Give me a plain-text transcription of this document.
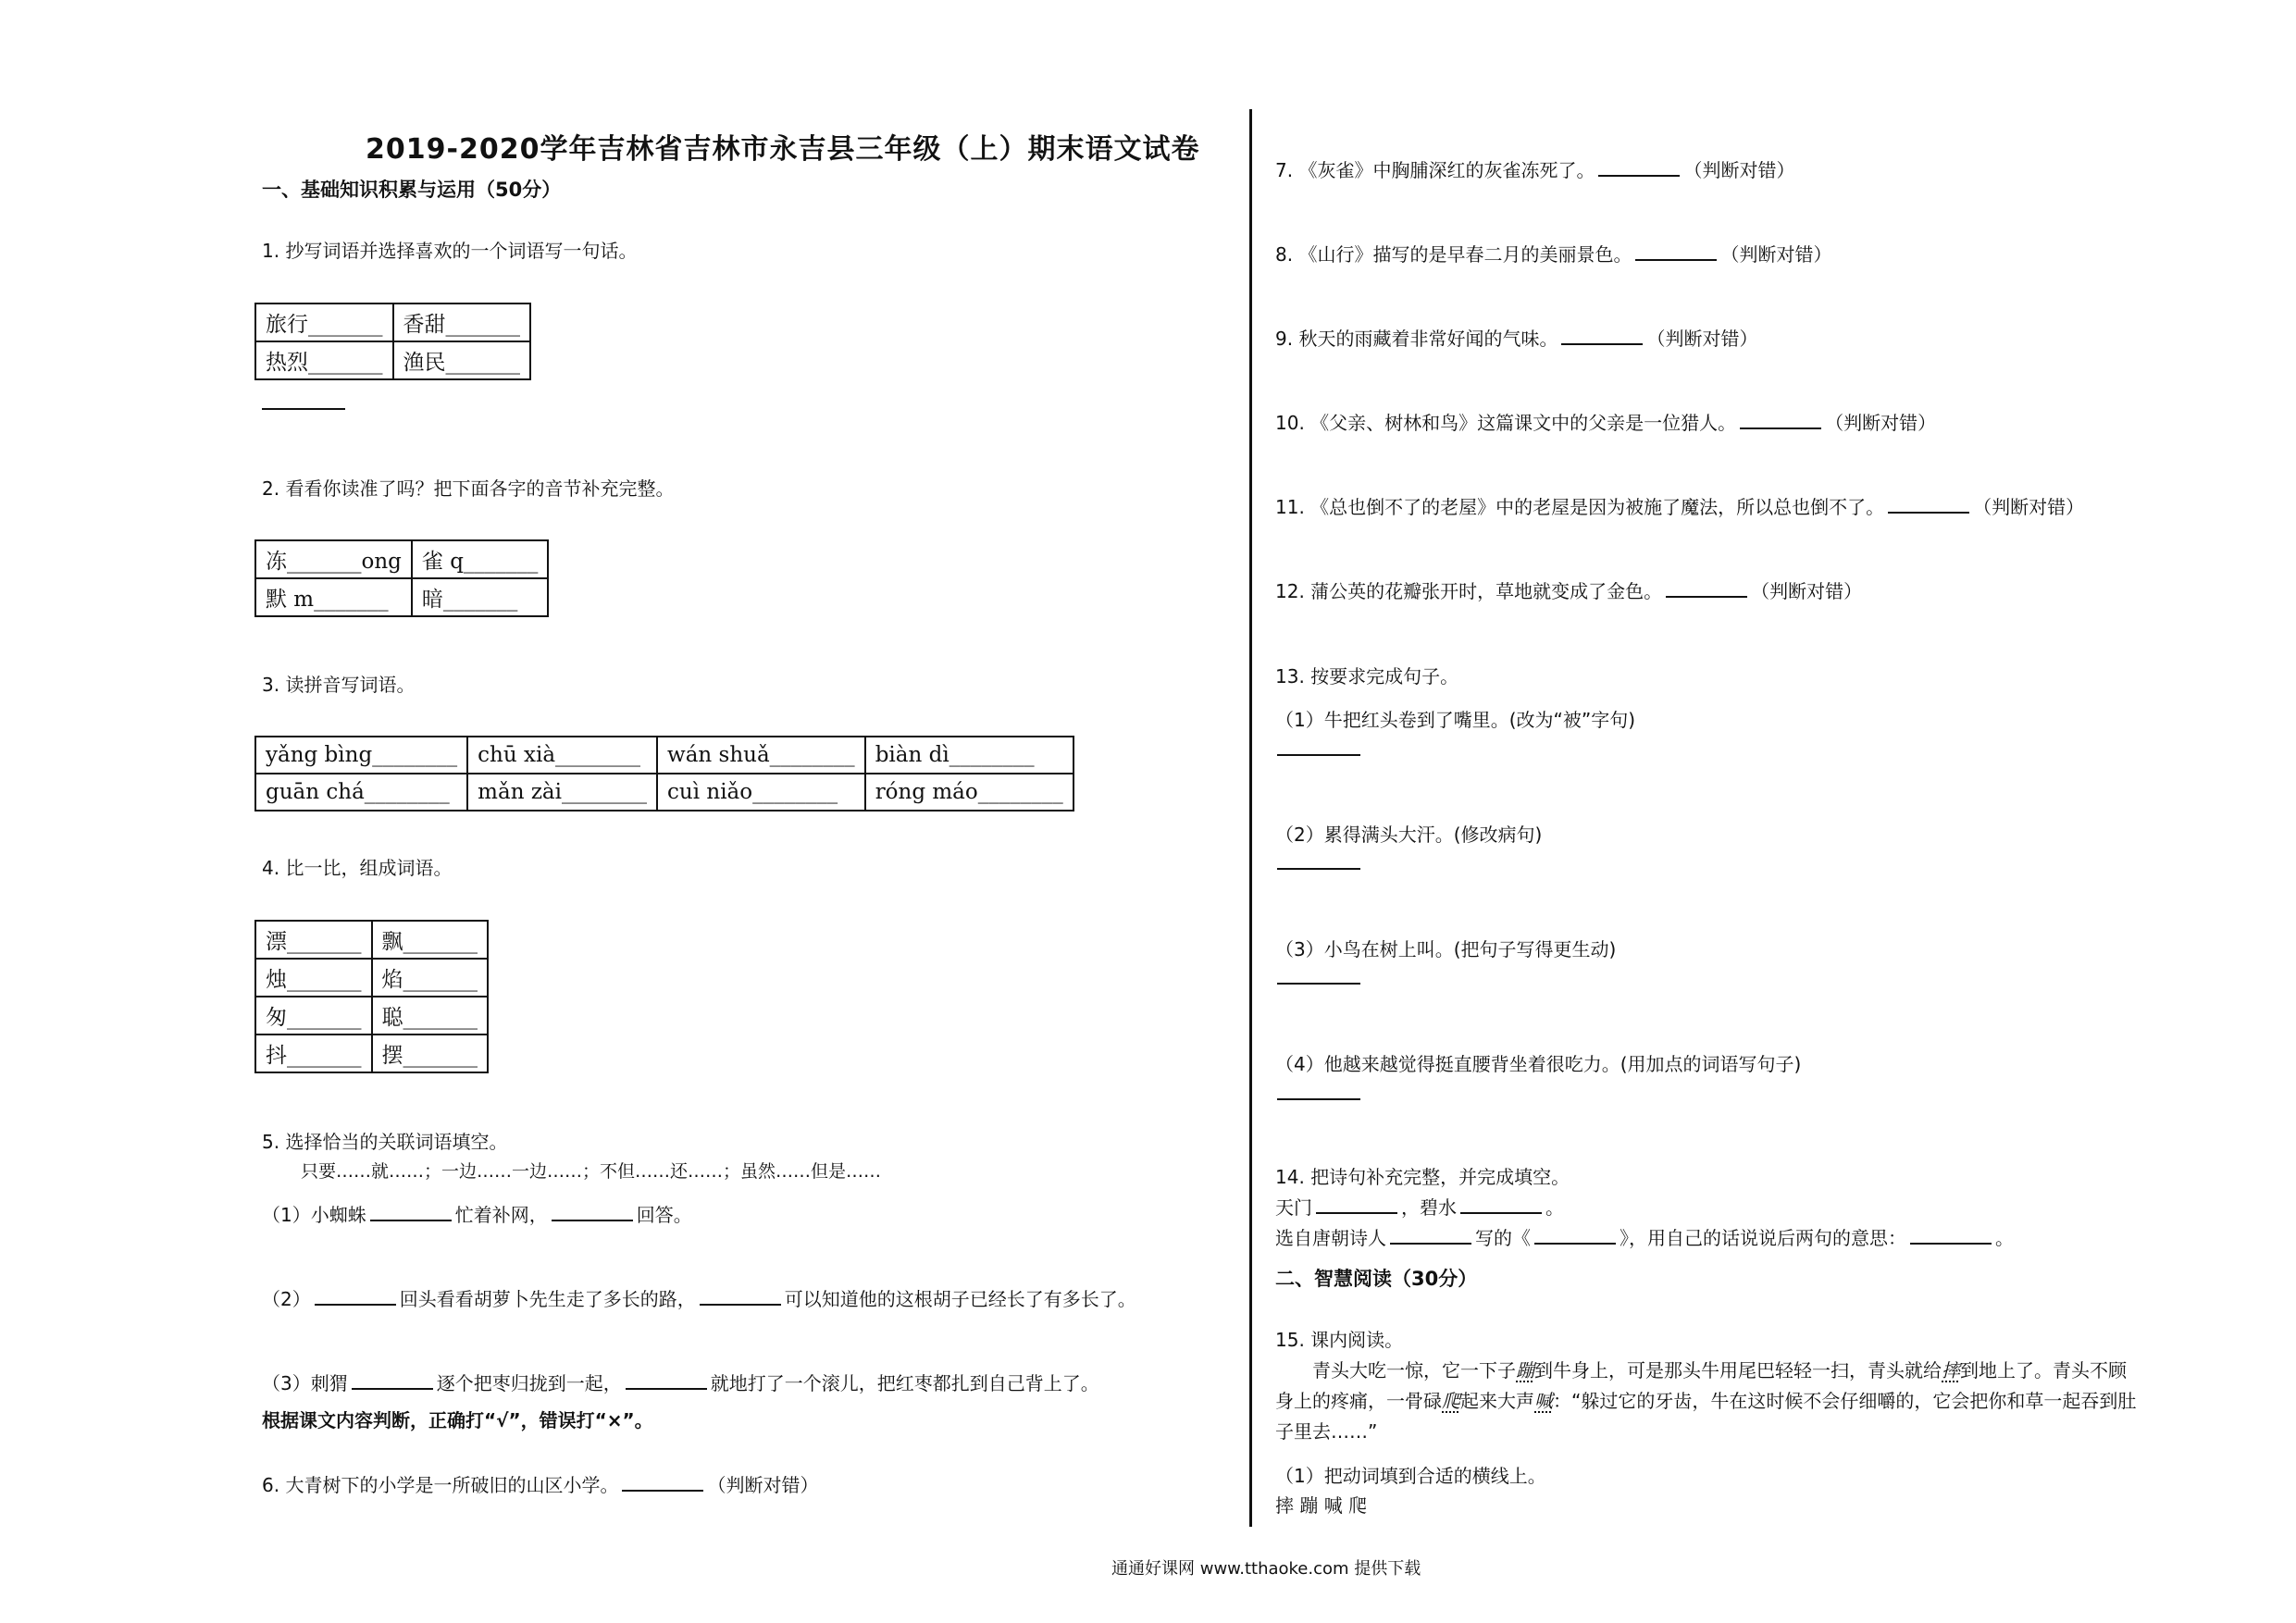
2019-2020学年吉林省吉林市永吉县三年级（上）期末语文试卷
一、基础知识积累与运用（50分）
1. 抄写词语并选择喜欢的一个词语写一句话。
旅行_______	香甜_______
热烈_______	渔民_______
2. 看看你读准了吗？把下面各字的音节补充完整。
冻_______ong	雀 q_______
默 m_______	暗_______
3. 读拼音写词语。
yǎng bìng________	chū xià________	wán shuǎ________	biàn dì________
guān chá________	mǎn zài________	cuì niǎo________	róng máo________
4. 比一比，组成词语。
漂_______	飘_______
烛_______	焰_______
匆_______	聪_______
抖_______	摆_______
5. 选择恰当的关联词语填空。
只要……就……；一边……一边……；不但……还……；虽然……但是……
（1）小蜘蛛	忙着补网，	回答。
（2）	回头看看胡萝卜先生走了多长的路，	可以知道他的这根胡子已经长了有多长了。
（3）刺猬	逐个把枣归拢到一起，	就地打了一个滚儿，把红枣都扎到自己背上了。
根据课文内容判断，正确打“√”，错误打“×”。
6. 大青树下的小学是一所破旧的山区小学。	（判断对错）
7. 《灰雀》中胸脯深红的灰雀冻死了。	（判断对错）
8. 《山行》描写的是早春二月的美丽景色。	（判断对错）
9. 秋天的雨藏着非常好闻的气味。	（判断对错）
10. 《父亲、树林和鸟》这篇课文中的父亲是一位猎人。	（判断对错）
11. 《总也倒不了的老屋》中的老屋是因为被施了魔法，所以总也倒不了。	（判断对错）
12. 蒲公英的花瓣张开时，草地就变成了金色。	（判断对错）
13. 按要求完成句子。
（1）牛把红头卷到了嘴里。(改为“被”字句)
（2）累得满头大汗。(修改病句)
（3）小鸟在树上叫。(把句子写得更生动)
（4）他越来越觉得挺直腰背坐着很吃力。(用加点的词语写句子)
14. 把诗句补充完整，并完成填空。
天门	，碧水	。
选自唐朝诗人	写的《	》，用自己的话说说后两句的意思：	。
二、智慧阅读（30分）
15. 课内阅读。
青头大吃一惊，它一下子蹦到牛身上，可是那头牛用尾巴轻轻一扫，青头就给摔到地上了。青头不顾
身上的疼痛，一骨碌爬起来大声喊：“躲过它的牙齿，牛在这时候不会仔细嚼的，它会把你和草一起吞到肚
子里去……”
（1）把动词填到合适的横线上。
摔 蹦 喊 爬
通通好课网 www.tthaoke.com 提供下载
